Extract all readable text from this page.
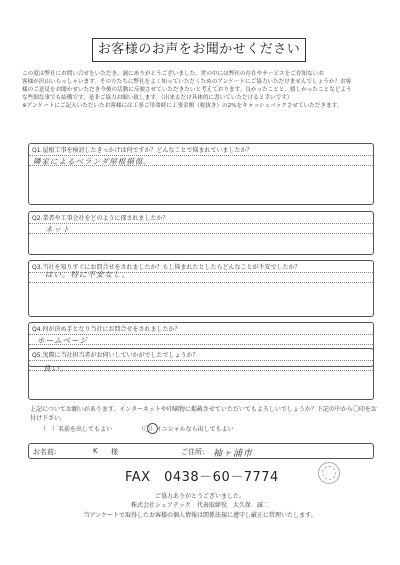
お客様のお声をお聞かせください
この度は弊社にお問い合せをいただき、誠にありがとうございました。世の中には弊社の存在やサービスをご存知ないお
客様が沢山いらっしゃいます。その方たちに弊社をよく知っていただくためのアンケートにご協力いただけませんでしょうか？お客
様のご意見をお聞かせいただき今後の活動に反映させていただきたいと考えております。良かったことと、嬉しかったことなどよう
な些細な事でも結構です。是非ご協力お願い致します。（出来るだけ具体的に書いていただけると幸いです）
※アンケートにご記入いただいたお客様には工事ご用命時に工事金額（税抜き）の2%をキャッシュバックさせていただきます。
Q1.屋根工事を検討したきっかけは何ですか？どんなことで悩まれていましたか？
隣家によるベランダ屋根損傷。
Q2.業者や工事会社をどのように探されましたか？
ネット
Q3.当社を知りすぐにお問合せをされましたか？もし悩まれたとしたらどんなことが不安でしたか？
はい。特に不安なし。
Q4.何が決め手となり当社にお問合せをされましたか？
ホームページ
Q5.実際に当社担当者がお伺いしていかがでしたでしょうか？
良い。
上記についてお願いがあります。インターネットや印刷物に掲載させていただいてもよろしいでしょうか？下記の中から〇印をお付け下さい。
（　）名前を出してもよい	（〇）イニシャルなら出してもよい
お名前:	K 様	ご住所: 袖ヶ浦市
FAX　0438－60－7774
ご協力ありがとうございました。
株式会社シェアテック　代表取締役　大久保　誠二
当アンケートで取得したお客様の個人情報は関係法規に遵守し厳正に管理いたします。
